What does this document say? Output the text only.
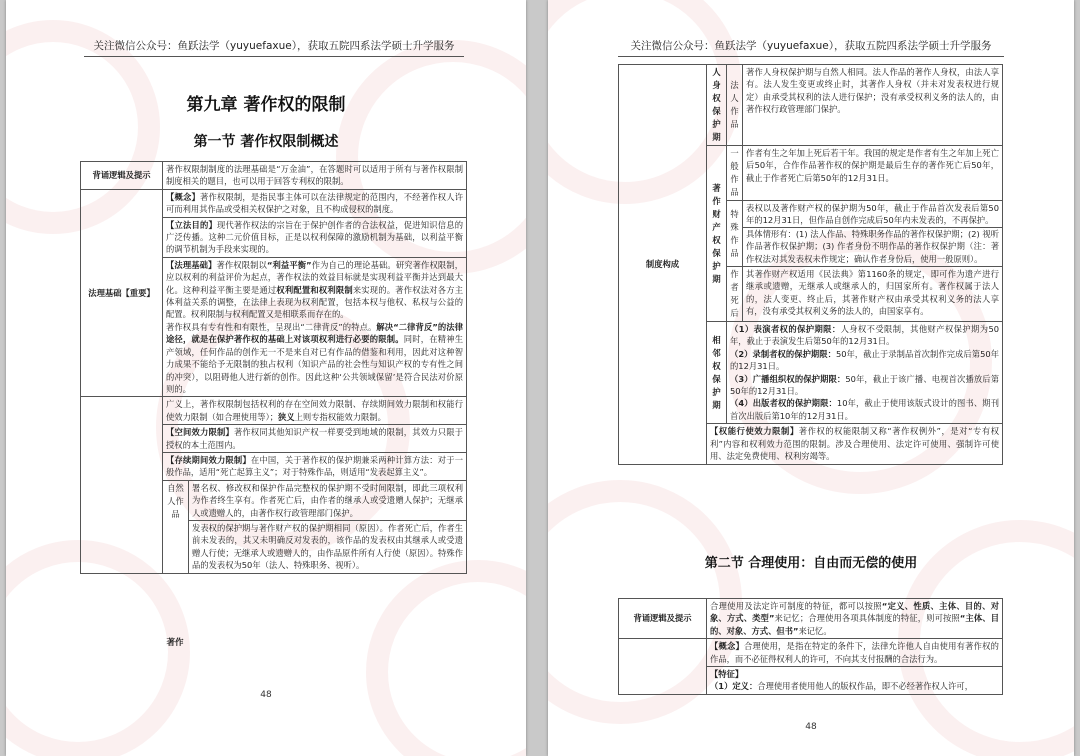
关注微信公众号：鱼跃法学（yuyuefaxue），获取五院四系法学硕士升学服务
第九章 著作权的限制
第一节 著作权限制概述
背诵逻辑及提示	著作权限制制度的法理基础是“万金油”，在答题时可以适用于所有与著作权限制制度相关的题目，也可以用于回答专利权的限制。	
法理基础【重要】	【概念】著作权限制，是指民事主体可以在法律规定的范围内，不经著作权人许可而利用其作品或受相关权保护之对象，且不构成侵权的制度。	
	【立法目的】现代著作权法的宗旨在于保护创作者的合法权益，促进知识信息的广泛传播。这种二元价值目标，正是以权利保障的激励机制为基础，以利益平衡的调节机制为手段来实现的。	
	【法理基础】著作权限制以“利益平衡”作为自己的理论基础。研究著作权限制，应以权利的利益评价为起点，著作权法的效益目标就是实现利益平衡并达到最大化。这种利益平衡主要是通过权利配置和权利限制来实现的。著作权法对各方主体利益关系的调整，在法律上表现为权利配置，包括本权与他权、私权与公益的配置。权利限制与权利配置又是相联系而存在的。
著作权具有专有性和有限性，呈现出“二律背反”的特点。解决“二律背反”的法律途径，就是在保护著作权的基础上对该项权利进行必要的限制。同时，在精神生产领域，任何作品的创作无一不是来自对已有作品的借鉴和利用，因此对这种智力成果不能给予无限制的独占权利（知识产品的社会性与知识产权的专有性之间的冲突），以阻碍他人进行新的创作。因此这种‘公共领域保留’是符合民法对价原则的。	
	广义上，著作权限制包括权利的存在空间效力限制、存续期间效力限制和权能行使效力限制（如合理使用等）；狭义上则专指权能效力限制。	
	【空间效力限制】著作权同其他知识产权一样要受到地域的限制，其效力只限于授权的本土范围内。	
	【存续期间效力限制】在中国，关于著作权的保护期兼采两种计算方法：对于一般作品，适用“死亡起算主义”；对于特殊作品，则适用“发表起算主义”。	
	自然人作品	署名权、修改权和保护作品完整权的保护期不受时间限制，即此三项权利为作者终生享有。作者死亡后，由作者的继承人或受遗赠人保护；无继承人或遗赠人的，由著作权行政管理部门保护。
		发表权的保护期与著作财产权的保护期相同（原因）。作者死亡后，作者生前未发表的，其又未明确反对发表的，该作品的发表权由其继承人或受遗赠人行使；无继承人或遗赠人的，由作品原件所有人行使（原因）。特殊作品的发表权为50年（法人、特殊职务、视听）。
著作
48
关注微信公众号：鱼跃法学（yuyuefaxue），获取五院四系法学硕士升学服务
制度构成	人身权保护期	法人作品	著作人身权保护期与自然人相同。法人作品的著作人身权，由法人享有。法人发生变更或终止时，其著作人身权（并未对发表权进行规定）由承受其权利的法人进行保护；没有承受权利义务的法人的，由著作权行政管理部门保护。
	著作财产权保护期	一般作品	作者有生之年加上死后若干年。我国的规定是作者有生之年加上死亡后50年，合作作品著作权的保护期是最后生存的著作死亡后50年，截止于作者死亡后第50年的12月31日。
		特殊作品	表权以及著作财产权的保护期为50年，截止于作品首次发表后第50年的12月31日，但作品自创作完成后50年内未发表的，不再保护。
具体情形有：(1) 法人作品、特殊职务作品的著作权保护期；(2) 视听作品著作权保护期；(3) 作者身份不明作品的著作权保护期（注：著作权法对其发表权未作规定；确认作者身份后，使用一般原则）。

		作者死后	其著作财产权适用《民法典》第1160条的规定，即可作为遗产进行继承或遗赠，无继承人或继承人的，归国家所有。著作权属于法人的，法人变更、终止后，其著作财产权由承受其权利义务的法人享有，没有承受其权利义务的法人的，由国家享有。
	相邻权保护期	（1）表演者权的保护期限：人身权不受限制，其他财产权保护期为50年，截止于表演发生后第50年的12月31日。
（2）录制者权的保护期限：50年，截止于录制品首次制作完成后第50年的12月31日。
（3）广播组织权的保护期限：50年，截止于该广播、电视首次播放后第50年的12月31日。
（4）出版者权的保护期限：10年，截止于使用该版式设计的图书、期刊首次出版后第10年的12月31日。	
	【权能行使效力限制】著作权的权能限制又称“著作权例外”，是对“专有权利”内容和权利效力范围的限制。涉及合理使用、法定许可使用、强制许可使用、法定免费使用、权利穷竭等。		
第二节 合理使用：自由而无偿的使用
背诵逻辑及提示	合理使用及法定许可制度的特征，都可以按照“定义、性质、主体、目的、对象、方式、类型”来记忆；合理使用各项具体制度的特征，则可按照“主体、目的、对象、方式、但书”来记忆。
	【概念】合理使用，是指在特定的条件下，法律允许他人自由使用有著作权的作品，而不必征得权利人的许可，不向其支付报酬的合法行为。
	【特征】
（1）定义：合理使用者使用他人的版权作品，即不必经著作权人许可，
48
